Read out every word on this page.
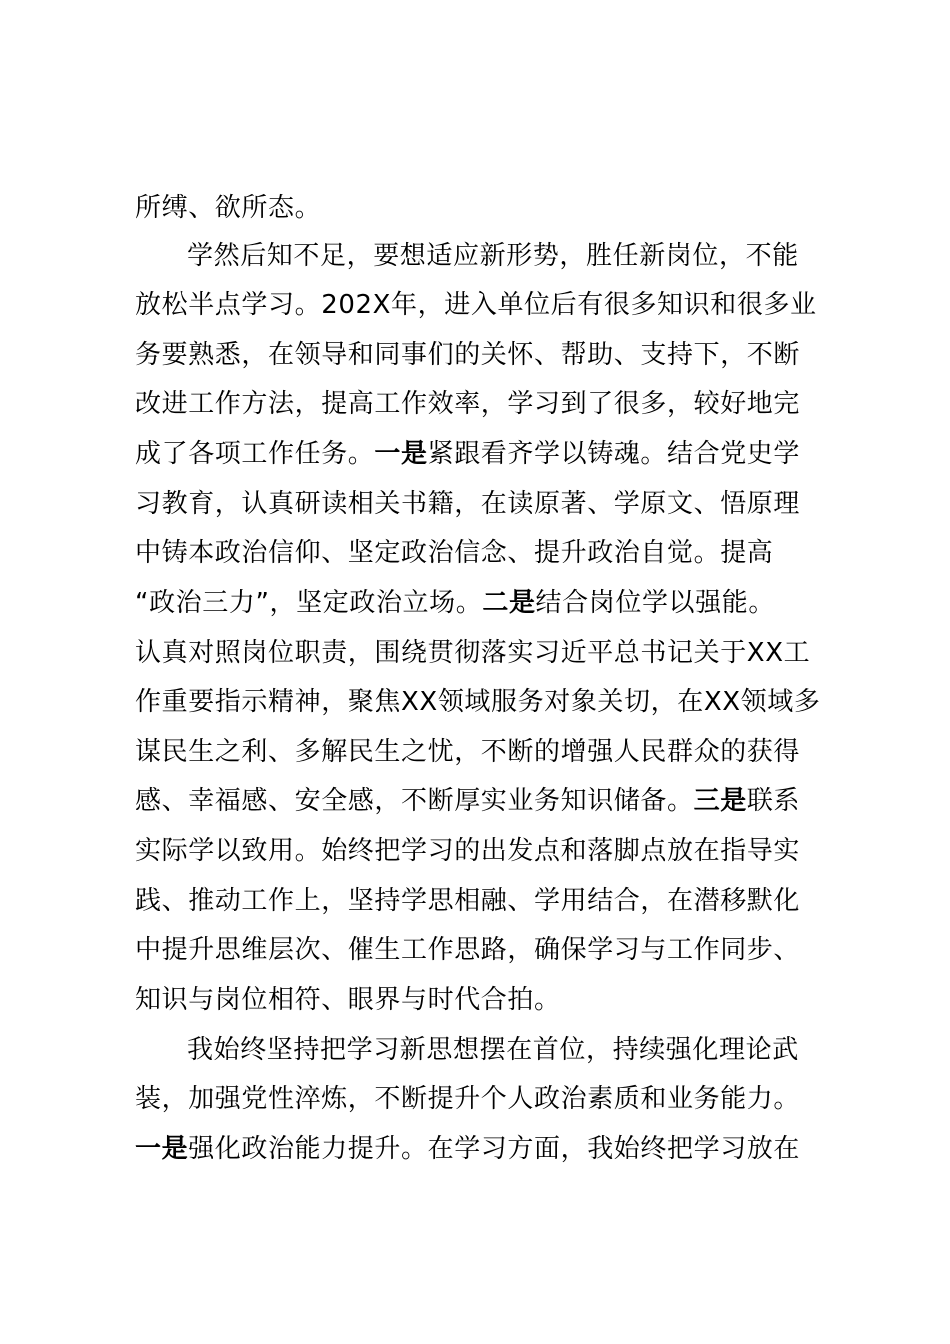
所缚、欲所态。
学然后知不足，要想适应新形势，胜任新岗位，不能
放松半点学习。202X年，进入单位后有很多知识和很多业
务要熟悉，在领导和同事们的关怀、帮助、支持下，不断
改进工作方法，提高工作效率，学习到了很多，较好地完
成了各项工作任务。一是紧跟看齐学以铸魂。结合党史学
习教育，认真研读相关书籍，在读原著、学原文、悟原理
中铸本政治信仰、坚定政治信念、提升政治自觉。提高
“政治三力”，坚定政治立场。二是结合岗位学以强能。
认真对照岗位职责，围绕贯彻落实习近平总书记关于XX工
作重要指示精神，聚焦XX领域服务对象关切，在XX领域多
谋民生之利、多解民生之忧，不断的增强人民群众的获得
感、幸福感、安全感，不断厚实业务知识储备。三是联系
实际学以致用。始终把学习的出发点和落脚点放在指导实
践、推动工作上，坚持学思相融、学用结合，在潜移默化
中提升思维层次、催生工作思路，确保学习与工作同步、
知识与岗位相符、眼界与时代合拍。
我始终坚持把学习新思想摆在首位，持续强化理论武
装，加强党性淬炼，不断提升个人政治素质和业务能力。
一是强化政治能力提升。在学习方面，我始终把学习放在
